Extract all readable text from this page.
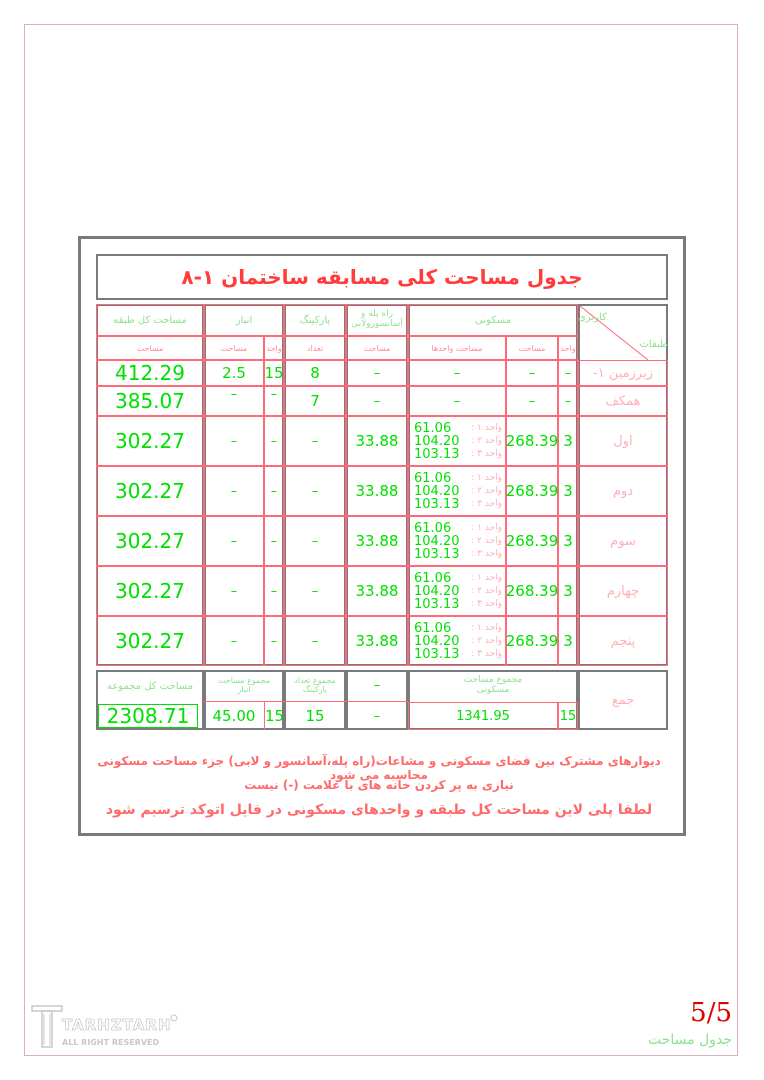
جدول مساحت کلی مسابقه ساختمان ۱-۸
کاربری
طبقات
مسکونی
واحد
مساحت
مساحت واحدها
راه پله و آسانسورولابی
مساحت
پارکینگ
تعداد
انبار
واحد
مساحت
مساحت کل طبقه
مساحت
زیرزمین ۱-
–
–
–
–
8
15
2.5
412.29
همکف
–
–
–
–
7
–
–
385.07
اول
3
268.39
61.06 واحد ۱ :
104.20 واحد ۲ :
103.13 واحد ۳ :
33.88
–
–
–
302.27
دوم
3
268.39
61.06 واحد ۱ :
104.20 واحد ۲ :
103.13 واحد ۳ :
33.88
–
–
–
302.27
سوم
3
268.39
61.06 واحد ۱ :
104.20 واحد ۲ :
103.13 واحد ۳ :
33.88
–
–
–
302.27
چهارم
3
268.39
61.06 واحد ۱ :
104.20 واحد ۲ :
103.13 واحد ۳ :
33.88
–
–
–
302.27
پنجم
3
268.39
61.06 واحد ۱ :
104.20 واحد ۲ :
103.13 واحد ۳ :
33.88
–
–
–
302.27
جمع
مجموع مساحت مسکونی
15
1341.95
–
–
مجموع تعداد پارکینگ
15
مجموع مساحت انبار
15
45.00
مساحت کل مجموعه
2308.71
دیوارهای مشترک بین فضای مسکونی و مشاعات(راه پله،آسانسور و لابی) جزء مساحت مسکونی محاسبه می شود
نیازی به پر کردن خانه های با علامت (-) نیست
لطفا پلی لاین مساحت کل طبقه و واحدهای مسکونی در فایل اتوکد ترسیم شود
TARHZTARH
ALL RIGHT RESERVED
5/5
جدول مساحت
